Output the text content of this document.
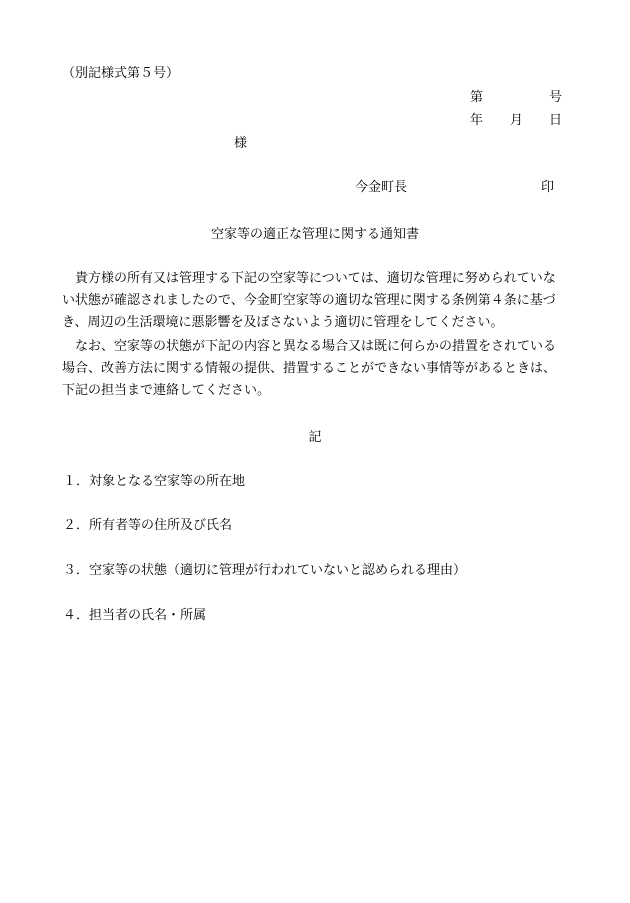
（別記様式第５号）
第	号
年 月 日
様
今金町長	印
空家等の適正な管理に関する通知書
　貴方様の所有又は管理する下記の空家等については、適切な管理に努められていな
い状態が確認されましたので、今金町空家等の適切な管理に関する条例第４条に基づ
き、周辺の生活環境に悪影響を及ぼさないよう適切に管理をしてください。
　なお、空家等の状態が下記の内容と異なる場合又は既に何らかの措置をされている
場合、改善方法に関する情報の提供、措置することができない事情等があるときは、
下記の担当まで連絡してください。
記
１．対象となる空家等の所在地
２．所有者等の住所及び氏名
３．空家等の状態（適切に管理が行われていないと認められる理由）
４．担当者の氏名・所属
